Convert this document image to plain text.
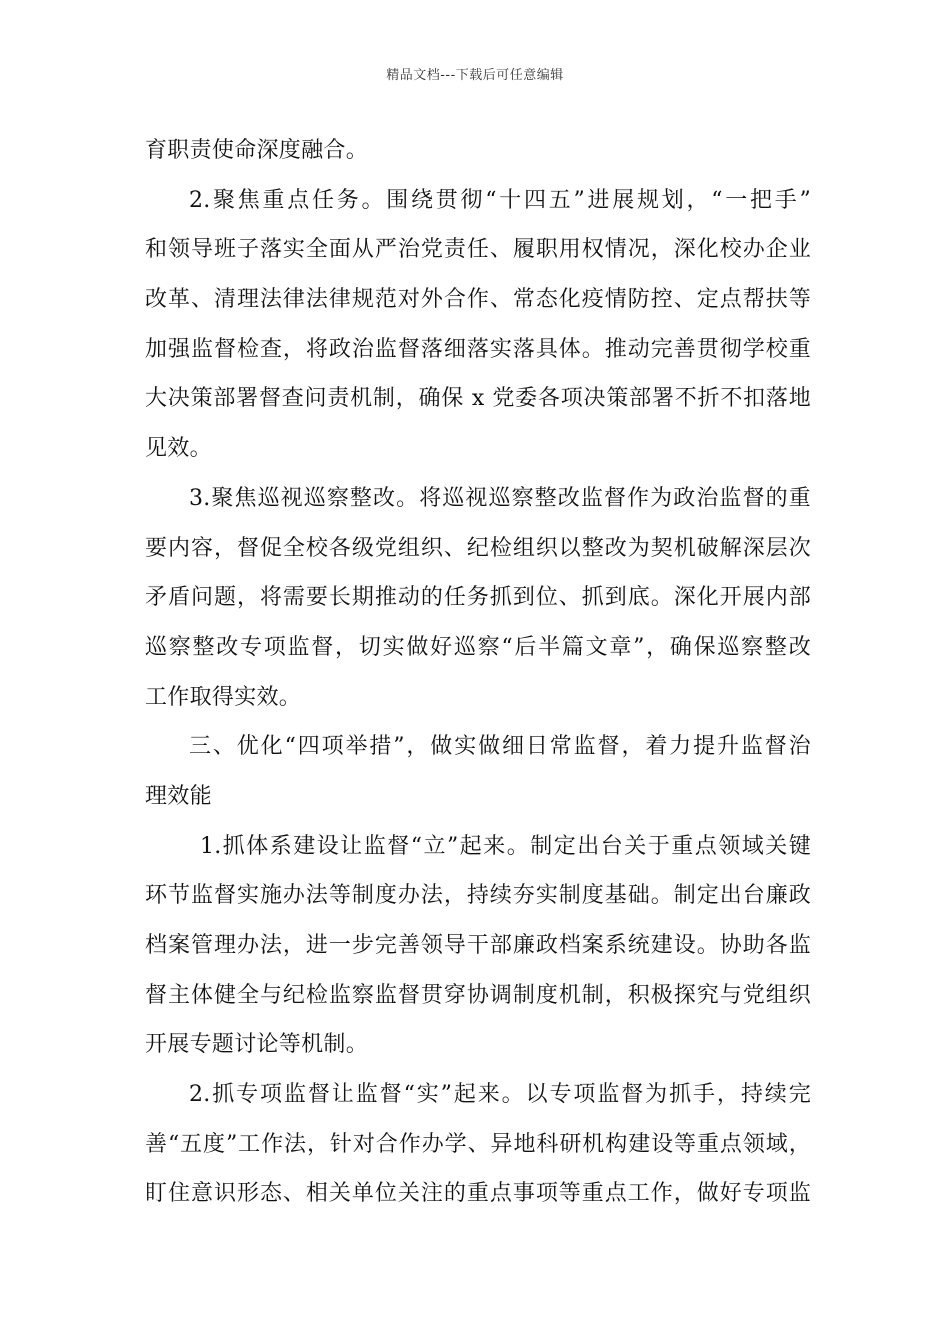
精品文档---下载后可任意编辑
育职责使命深度融合。
2.聚焦重点任务。围绕贯彻“十四五”进展规划，“一把手”
和领导班子落实全面从严治党责任、履职用权情况，深化校办企业
改革、清理法律法律规范对外合作、常态化疫情防控、定点帮扶等
加强监督检查，将政治监督落细落实落具体。推动完善贯彻学校重
大决策部署督查问责机制，确保 x 党委各项决策部署不折不扣落地
见效。
3.聚焦巡视巡察整改。将巡视巡察整改监督作为政治监督的重
要内容，督促全校各级党组织、纪检组织以整改为契机破解深层次
矛盾问题，将需要长期推动的任务抓到位、抓到底。深化开展内部
巡察整改专项监督，切实做好巡察“后半篇文章”，确保巡察整改
工作取得实效。
三、优化“四项举措”，做实做细日常监督，着力提升监督治
理效能
1.抓体系建设让监督“立”起来。制定出台关于重点领域关键
环节监督实施办法等制度办法，持续夯实制度基础。制定出台廉政
档案管理办法，进一步完善领导干部廉政档案系统建设。协助各监
督主体健全与纪检监察监督贯穿协调制度机制，积极探究与党组织
开展专题讨论等机制。
2.抓专项监督让监督“实”起来。以专项监督为抓手，持续完
善“五度”工作法，针对合作办学、异地科研机构建设等重点领域，
盯住意识形态、相关单位关注的重点事项等重点工作，做好专项监
